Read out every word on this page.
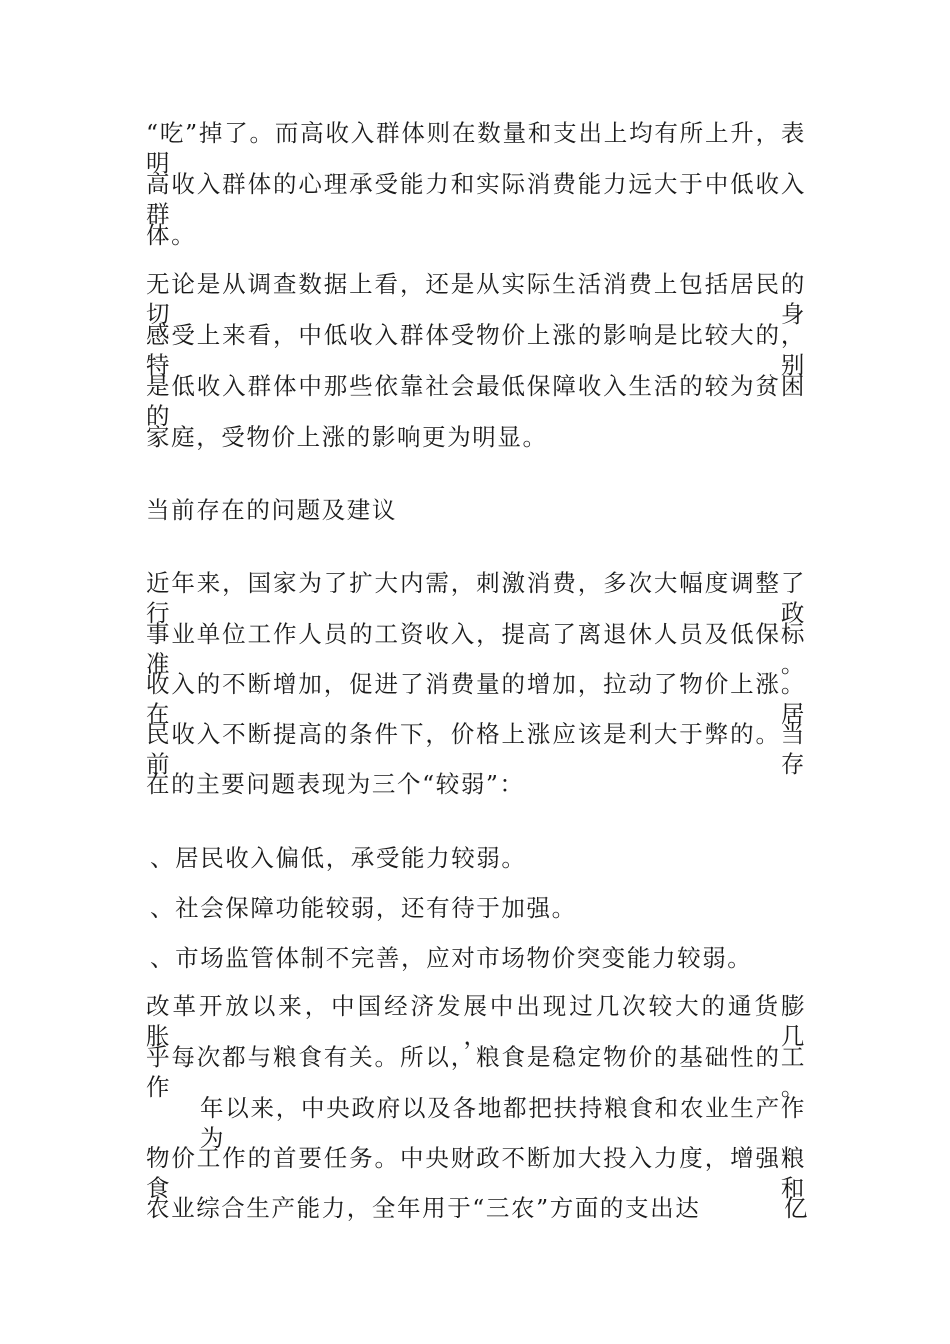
“吃”掉了。而高收入群体则在数量和支出上均有所上升，表明
高收入群体的心理承受能力和实际消费能力远大于中低收入群
体。
无论是从调查数据上看，还是从实际生活消费上包括居民的切身
感受上来看，中低收入群体受物价上涨的影响是比较大的，特别
是低收入群体中那些依靠社会最低保障收入生活的较为贫困的
家庭，受物价上涨的影响更为明显。
当前存在的问题及建议
近年来，国家为了扩大内需，刺激消费，多次大幅度调整了行政
事业单位工作人员的工资收入，提高了离退休人员及低保标准。
收入的不断增加，促进了消费量的增加，拉动了物价上涨。在居
民收入不断提高的条件下，价格上涨应该是利大于弊的。当前存
在的主要问题表现为三个“较弱”：
、居民收入偏低，承受能力较弱。
、社会保障功能较弱，还有待于加强。
、市场监管体制不完善，应对市场物价突变能力较弱。
改革开放以来，中国经济发展中出现过几次较大的通货膨胀，几
乎每次都与粮食有关。所以，粮食是稳定物价的基础性的工作。
年以来，中央政府以及各地都把扶持粮食和农业生产作为
物价工作的首要任务。中央财政不断加大投入力度，增强粮食和
农业综合生产能力，全年用于“三农”方面的支出达	亿
